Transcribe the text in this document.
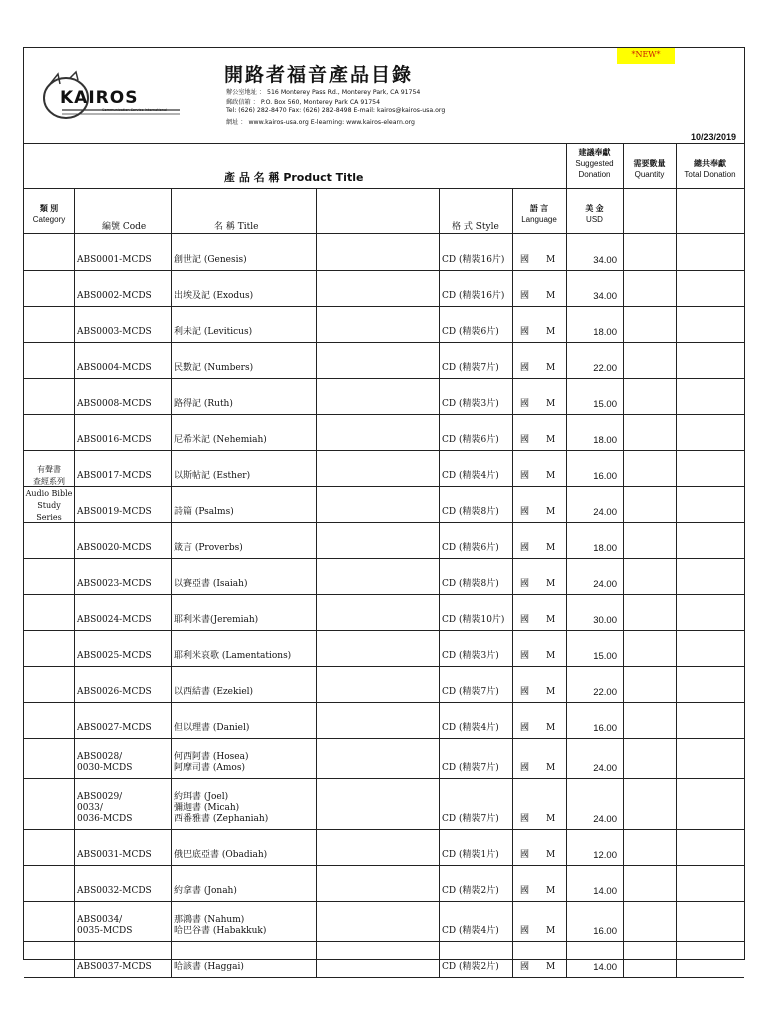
KAIROS
Communication Service International
開路者福音產品目錄
辦公室地址 ： 516 Monterey Pass Rd., Monterey Park, CA 91754
郵政信箱 ： P.O. Box 560, Monterey Park CA 91754
Tel: (626) 282-8470 Fax: (626) 282-8498 E-mail: kairos@kairos-usa.org
網址 ： www.kairos-usa.org E-learning: www.kairos-elearn.org
*NEW*
10/23/2019
產 品 名 稱 Product Title
建議奉獻
Suggested
Donation
需要數量
Quantity
總共奉獻
Total Donation
類 別
Category
編號 Code	名 稱 Title	格 式 Style
語 言
Language
美 金
USD
有聲書
查經系列
Audio Bible
Study Series
ABS0001-MCDS 創世記 (Genesis)	CD (精裝16片) 國 M	34.00
ABS0002-MCDS 出埃及記 (Exodus)	CD (精裝16片) 國 M	34.00
ABS0003-MCDS 利未記 (Leviticus)	CD (精裝6片) 國 M	18.00
ABS0004-MCDS 民數記 (Numbers)	CD (精裝7片) 國 M	22.00
ABS0008-MCDS 路得記 (Ruth)	CD (精裝3片) 國 M	15.00
ABS0016-MCDS 尼希米記 (Nehemiah)	CD (精裝6片) 國 M	18.00
ABS0017-MCDS 以斯帖記 (Esther)	CD (精裝4片) 國 M	16.00
ABS0019-MCDS 詩篇 (Psalms)	CD (精裝8片) 國 M	24.00
ABS0020-MCDS 箴言 (Proverbs)	CD (精裝6片) 國 M	18.00
ABS0023-MCDS 以賽亞書 (Isaiah)	CD (精裝8片) 國 M	24.00
ABS0024-MCDS 耶利米書(Jeremiah)	CD (精裝10片) 國 M	30.00
ABS0025-MCDS 耶利米哀歌 (Lamentations)	CD (精裝3片) 國 M	15.00
ABS0026-MCDS 以西結書 (Ezekiel)	CD (精裝7片) 國 M	22.00
ABS0027-MCDS 但以理書 (Daniel)	CD (精裝4片) 國 M	16.00
ABS0028/
0030-MCDS
何西阿書 (Hosea)
阿摩司書 (Amos)	CD (精裝7片) 國 M	24.00
ABS0029/
0033/
0036-MCDS
約珥書 (Joel)
彌迦書 (Micah)
西番雅書 (Zephaniah)	CD (精裝7片) 國 M	24.00
ABS0031-MCDS 俄巴底亞書 (Obadiah)	CD (精裝1片) 國 M	12.00
ABS0032-MCDS 約拿書 (Jonah)	CD (精裝2片) 國 M	14.00
ABS0034/
0035-MCDS
那鴻書 (Nahum)
哈巴谷書 (Habakkuk)	CD (精裝4片) 國 M	16.00
ABS0037-MCDS 哈該書 (Haggai)	CD (精裝2片) 國 M	14.00
